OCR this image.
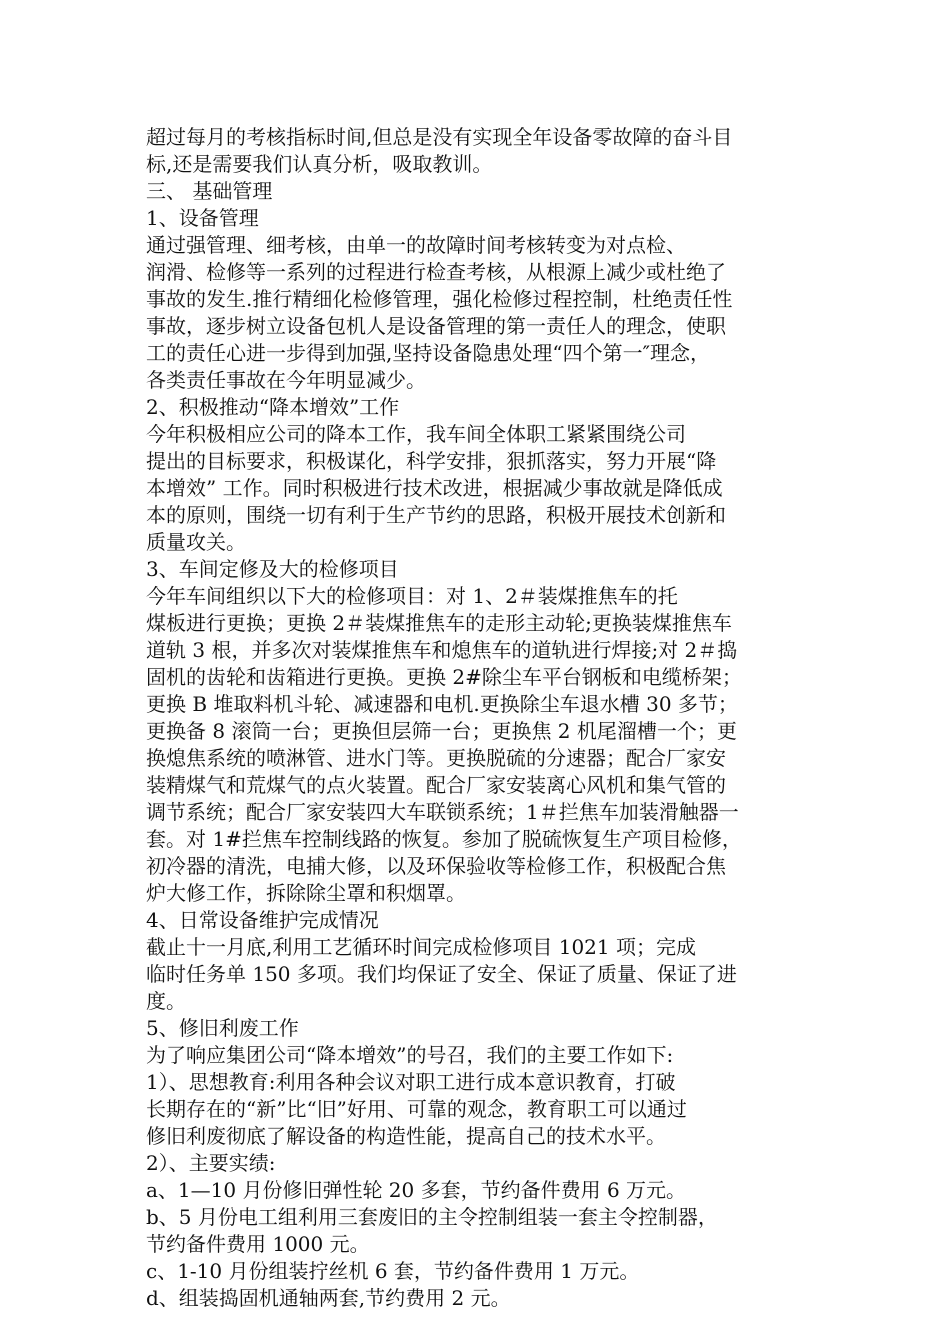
超过每月的考核指标时间,但总是没有实现全年设备零故障的奋斗目

标,还是需要我们认真分析，吸取教训。

三、 基础管理

1、设备管理

通过强管理、细考核，由单一的故障时间考核转变为对点检、

润滑、检修等一系列的过程进行检查考核，从根源上减少或杜绝了

事故的发生.推行精细化检修管理，强化检修过程控制，杜绝责任性

事故，逐步树立设备包机人是设备管理的第一责任人的理念，使职

工的责任心进一步得到加强,坚持设备隐患处理“四个第一″理念，

各类责任事故在今年明显减少。

2、积极推动“降本增效”工作

今年积极相应公司的降本工作，我车间全体职工紧紧围绕公司

提出的目标要求，积极谋化，科学安排，狠抓落实，努力开展“降

本增效” 工作。同时积极进行技术改进，根据减少事故就是降低成

本的原则，围绕一切有利于生产节约的思路，积极开展技术创新和

质量攻关。

3、车间定修及大的检修项目

今年车间组织以下大的检修项目：对 1、2＃装煤推焦车的托

煤板进行更换；更换 2＃装煤推焦车的走形主动轮;更换装煤推焦车

道轨 3 根，并多次对装煤推焦车和熄焦车的道轨进行焊接;对 2＃捣

固机的齿轮和齿箱进行更换。更换 2#除尘车平台钢板和电缆桥架；

更换 B 堆取料机斗轮、减速器和电机.更换除尘车退水槽 30 多节；

更换备 8 滚筒一台；更换但层筛一台；更换焦 2 机尾溜槽一个；更

换熄焦系统的喷淋管、进水门等。更换脱硫的分速器；配合厂家安

装精煤气和荒煤气的点火装置。配合厂家安装离心风机和集气管的

调节系统；配合厂家安装四大车联锁系统；1＃拦焦车加装滑触器一

套。对 1#拦焦车控制线路的恢复。参加了脱硫恢复生产项目检修，

初冷器的清洗，电捕大修，以及环保验收等检修工作，积极配合焦

炉大修工作，拆除除尘罩和积烟罩。

4、日常设备维护完成情况

截止十一月底,利用工艺循环时间完成检修项目 1021 项；完成

临时任务单 150 多项。我们均保证了安全、保证了质量、保证了进

度。

5、修旧利废工作

为了响应集团公司“降本增效”的号召，我们的主要工作如下:

1）、思想教育:利用各种会议对职工进行成本意识教育，打破

长期存在的“新”比“旧”好用、可靠的观念，教育职工可以通过

修旧利废彻底了解设备的构造性能，提高自己的技术水平。

2）、主要实绩:

a、1—10 月份修旧弹性轮 20 多套，节约备件费用 6 万元。

b、5 月份电工组利用三套废旧的主令控制组装一套主令控制器，

节约备件费用 1000 元。

c、1-10 月份组装拧丝机 6 套，节约备件费用 1 万元。

d、组装捣固机通轴两套,节约费用 2 元。
